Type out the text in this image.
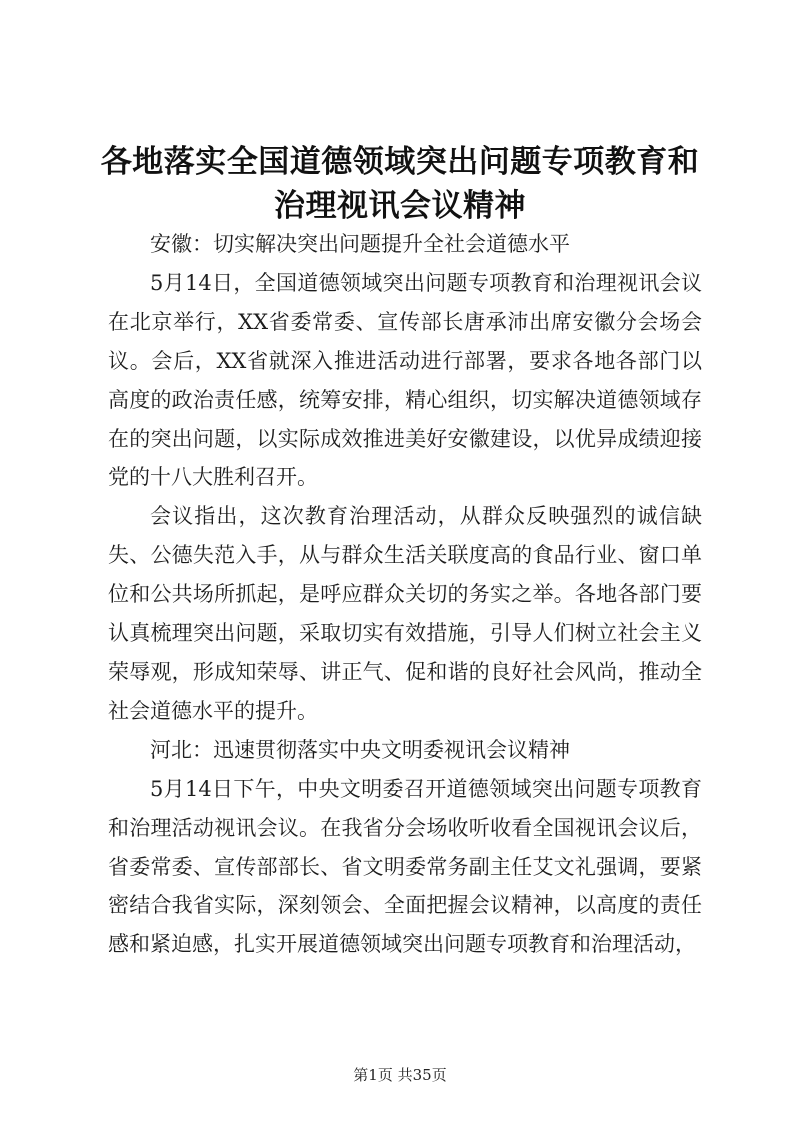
各地落实全国道德领域突出问题专项教育和治理视讯会议精神

安徽：切实解决突出问题提升全社会道德水平

5月14日，全国道德领域突出问题专项教育和治理视讯会议在北京举行，XX省委常委、宣传部长唐承沛出席安徽分会场会议。会后，XX省就深入推进活动进行部署，要求各地各部门以高度的政治责任感，统筹安排，精心组织，切实解决道德领域存在的突出问题，以实际成效推进美好安徽建设，以优异成绩迎接党的十八大胜利召开。

会议指出，这次教育治理活动，从群众反映强烈的诚信缺失、公德失范入手，从与群众生活关联度高的食品行业、窗口单位和公共场所抓起，是呼应群众关切的务实之举。各地各部门要认真梳理突出问题，采取切实有效措施，引导人们树立社会主义荣辱观，形成知荣辱、讲正气、促和谐的良好社会风尚，推动全社会道德水平的提升。

河北：迅速贯彻落实中央文明委视讯会议精神

5月14日下午，中央文明委召开道德领域突出问题专项教育和治理活动视讯会议。在我省分会场收听收看全国视讯会议后，省委常委、宣传部部长、省文明委常务副主任艾文礼强调，要紧密结合我省实际，深刻领会、全面把握会议精神，以高度的责任感和紧迫感，扎实开展道德领域突出问题专项教育和治理活动，

第1页 共35页
